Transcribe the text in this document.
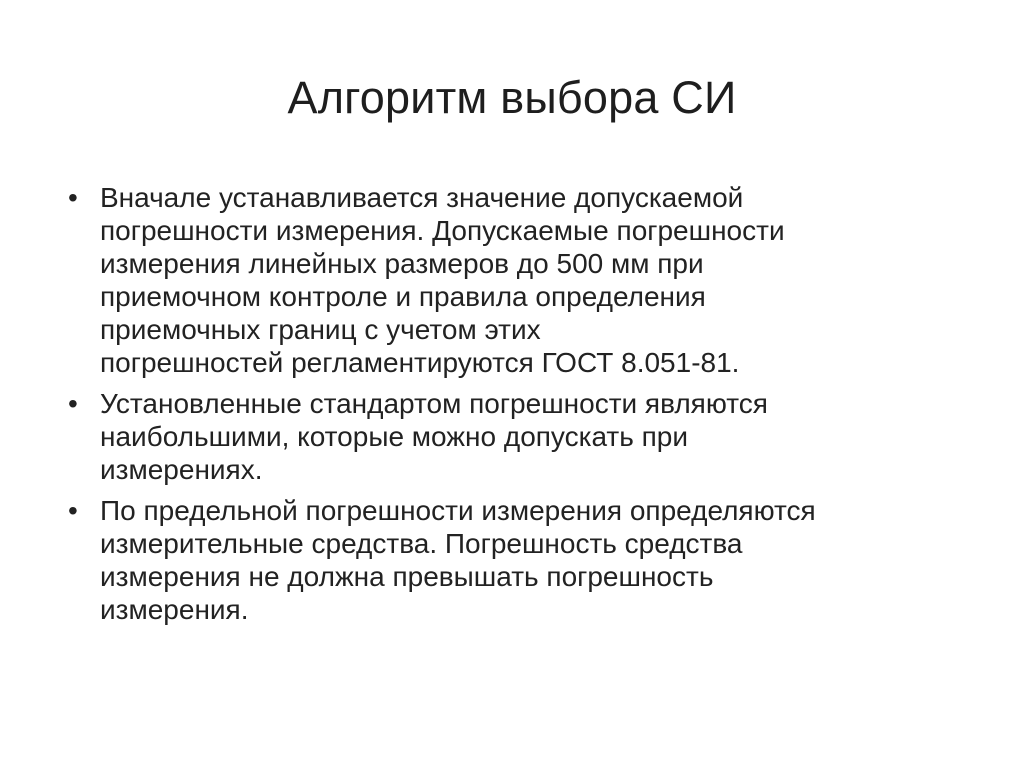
Алгоритм выбора СИ
• Вначале устанавливается значение допускаемой
погрешности измерения. Допускаемые погрешности
измерения линейных размеров до 500 мм при
приемочном контроле и правила определения
приемочных границ с учетом этих
погрешностей регламентируются ГОСТ 8.051-81.
• Установленные стандартом погрешности являются
наибольшими, которые можно допускать при
измерениях.
• По предельной погрешности измерения определяются
измерительные средства. Погрешность средства
измерения не должна превышать погрешность
измерения.
